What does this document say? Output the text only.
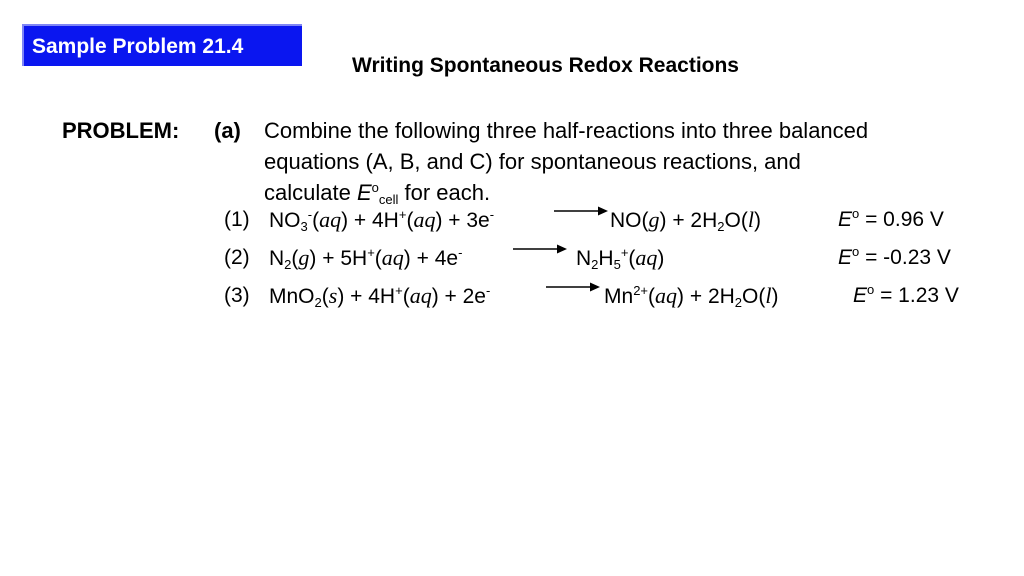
Sample Problem 21.4
Writing Spontaneous Redox Reactions
PROBLEM: (a) Combine the following three half-reactions into three balanced
equations (A, B, and C) for spontaneous reactions, and
calculate $E^o_{cell}$ for each.
(1) $NO_3^-(aq) + 4H^+(aq) + 3e^-$	→ $NO(g) + 2H_2O(l)$	$E^o = 0.96$ V
(2) $N_2(g) + 5H^+(aq) + 4e^-$	→ $N_2H_5^+(aq)$	$E^o = -0.23$ V
(3) MnO$_2$(s) + 4H+(aq) + 2e-	→ $Mn^{2+}(aq) + 2H_2O(l)$	$E^o = 1.23$ V
